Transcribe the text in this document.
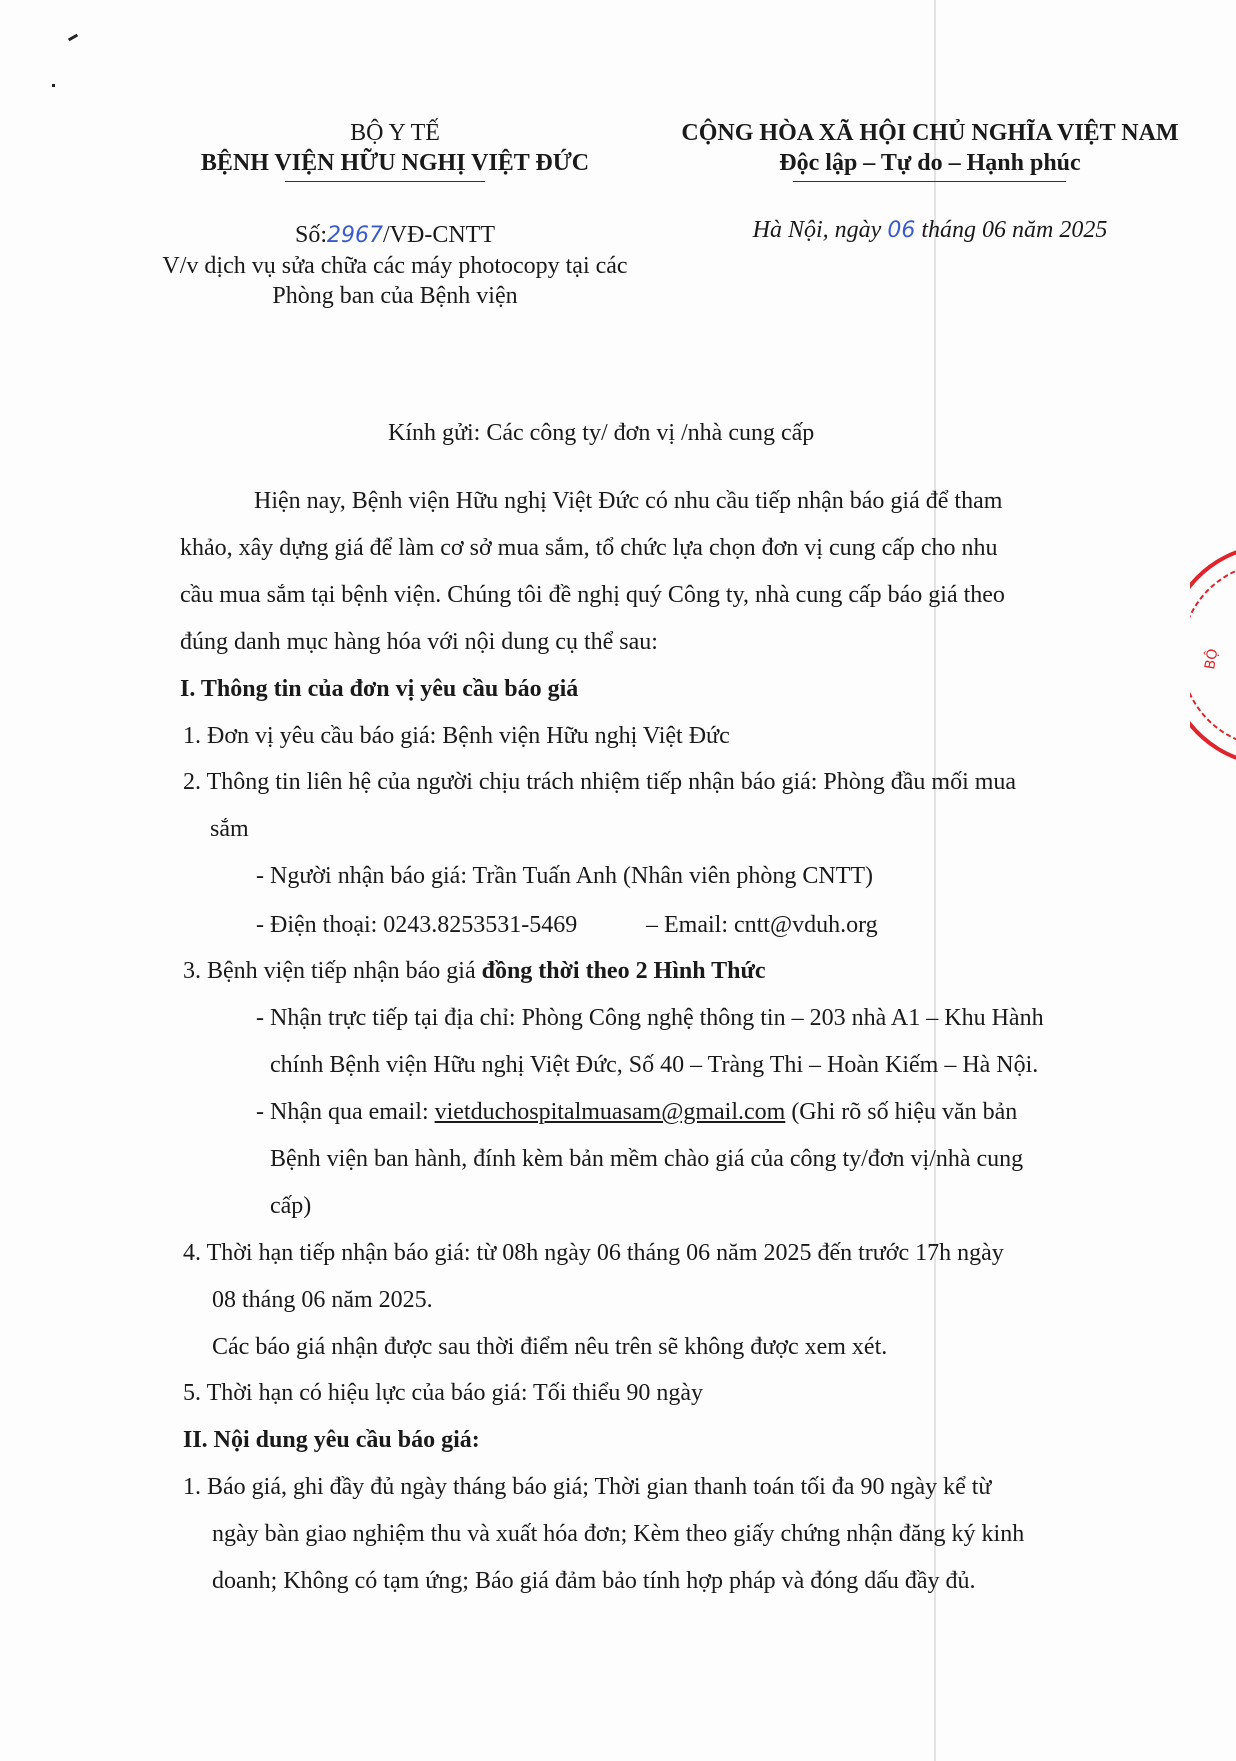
BỘ Y TẾ
BỆNH VIỆN HỮU NGHỊ VIỆT ĐỨC
Số:2967/VĐ-CNTT
V/v dịch vụ sửa chữa các máy photocopy tại các
Phòng ban của Bệnh viện
CỘNG HÒA XÃ HỘI CHỦ NGHĨA VIỆT NAM
Độc lập – Tự do – Hạnh phúc
Hà Nội, ngày 06 tháng 06 năm 2025
Kính gửi: Các công ty/ đơn vị /nhà cung cấp
Hiện nay, Bệnh viện Hữu nghị Việt Đức có nhu cầu tiếp nhận báo giá để tham
khảo, xây dựng giá để làm cơ sở mua sắm, tổ chức lựa chọn đơn vị cung cấp cho nhu
cầu mua sắm tại bệnh viện. Chúng tôi đề nghị quý Công ty, nhà cung cấp báo giá theo
đúng danh mục hàng hóa với nội dung cụ thể sau:
I. Thông tin của đơn vị yêu cầu báo giá
1. Đơn vị yêu cầu báo giá: Bệnh viện Hữu nghị Việt Đức
2. Thông tin liên hệ của người chịu trách nhiệm tiếp nhận báo giá: Phòng đầu mối mua
sắm
- Người nhận báo giá: Trần Tuấn Anh (Nhân viên phòng CNTT)
- Điện thoại: 0243.8253531-5469	– Email: cntt@vduh.org
3. Bệnh viện tiếp nhận báo giá đồng thời theo 2 Hình Thức
- Nhận trực tiếp tại địa chỉ: Phòng Công nghệ thông tin – 203 nhà A1 – Khu Hành
chính Bệnh viện Hữu nghị Việt Đức, Số 40 – Tràng Thi – Hoàn Kiếm – Hà Nội.
- Nhận qua email: vietduchospitalmuasam@gmail.com (Ghi rõ số hiệu văn bản
Bệnh viện ban hành, đính kèm bản mềm chào giá của công ty/đơn vị/nhà cung
cấp)
4. Thời hạn tiếp nhận báo giá: từ 08h ngày 06 tháng 06 năm 2025 đến trước 17h ngày
08 tháng 06 năm 2025.
Các báo giá nhận được sau thời điểm nêu trên sẽ không được xem xét.
5. Thời hạn có hiệu lực của báo giá: Tối thiểu 90 ngày
II. Nội dung yêu cầu báo giá:
1. Báo giá, ghi đầy đủ ngày tháng báo giá; Thời gian thanh toán tối đa 90 ngày kể từ
ngày bàn giao nghiệm thu và xuất hóa đơn; Kèm theo giấy chứng nhận đăng ký kinh
doanh; Không có tạm ứng; Báo giá đảm bảo tính hợp pháp và đóng dấu đầy đủ.
BỘ
